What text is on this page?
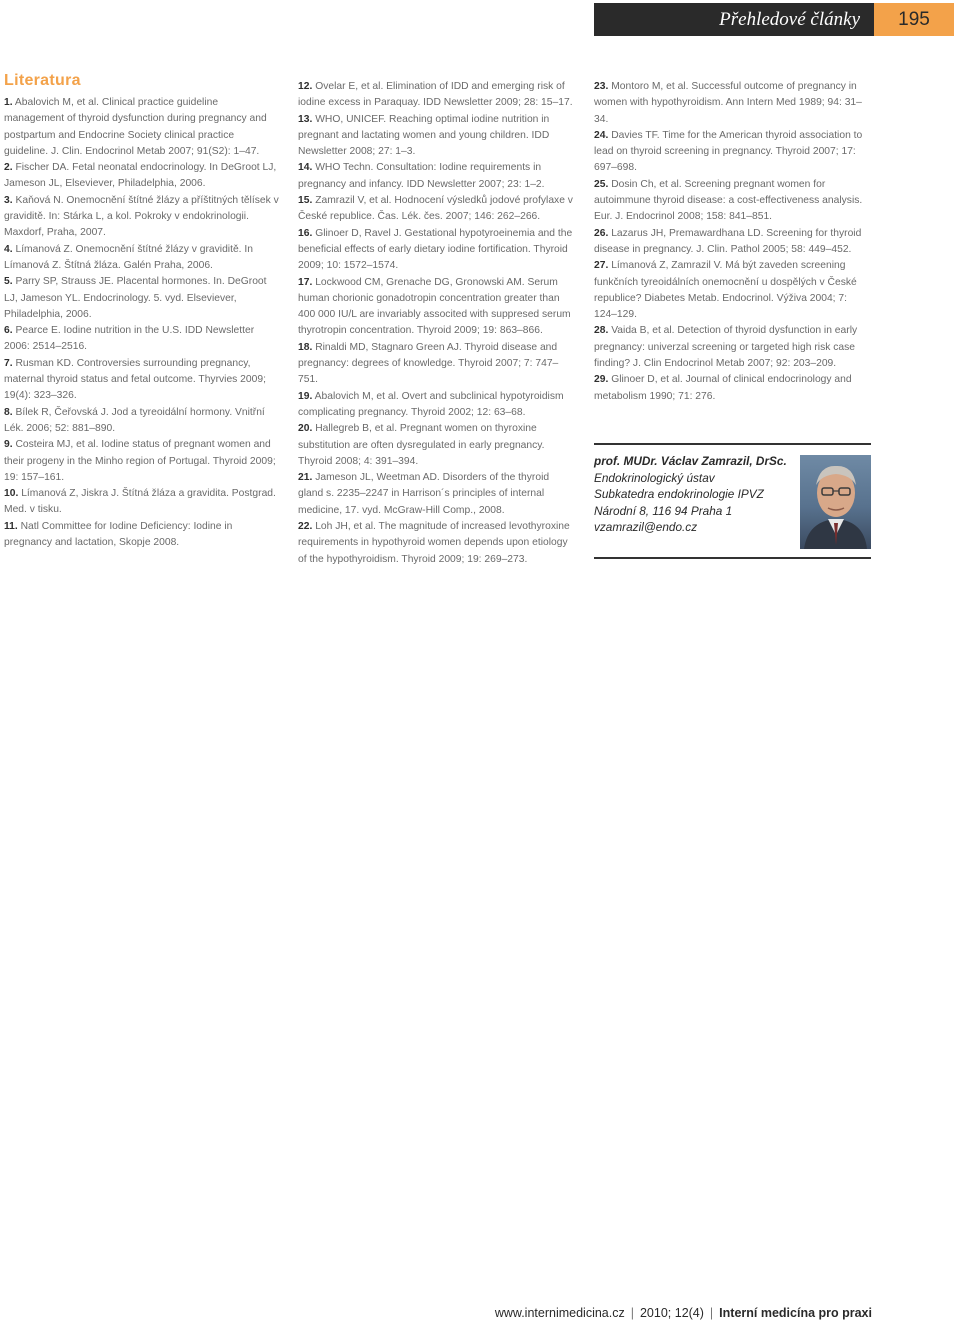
Přehledové články	195
Literatura

1. Abalovich M, et al. Clinical practice guideline management of thyroid dysfunction during pregnancy and postpartum and Endocrine Society clinical practice guideline. J. Clin. Endocrinol Metab 2007; 91(S2): 1–47.

2. Fischer DA. Fetal neonatal endocrinology. In DeGroot LJ, Jameson JL, Elseviever, Philadelphia, 2006.

3. Kaňová N. Onemocnění štítné žlázy a příštitných tělísek v graviditě. In: Stárka L, a kol. Pokroky v endokrinologii. Maxdorf, Praha, 2007.

4. Límanová Z. Onemocnění štítné žlázy v graviditě. In Límanová Z. Štítná žláza. Galén Praha, 2006.

5. Parry SP, Strauss JE. Placental hormones. In. DeGroot LJ, Jameson YL. Endocrinology. 5. vyd. Elseviever, Philadelphia, 2006.

6. Pearce E. Iodine nutrition in the U.S. IDD Newsletter 2006: 2514–2516.

7. Rusman KD. Controversies surrounding pregnancy, maternal thyroid status and fetal outcome. Thyrvies 2009; 19(4): 323–326.

8. Bílek R, Čeřovská J. Jod a tyreoidální hormony. Vnitřní Lék. 2006; 52: 881–890.

9. Costeira MJ, et al. Iodine status of pregnant women and their progeny in the Minho region of Portugal. Thyroid 2009; 19: 157–161.

10. Límanová Z, Jiskra J. Štítná žláza a gravidita. Postgrad. Med. v tisku.

11. Natl Committee for Iodine Deficiency: Iodine in pregnancy and lactation, Skopje 2008.

12. Ovelar E, et al. Elimination of IDD and emerging risk of iodine excess in Paraquay. IDD Newsletter 2009; 28: 15–17.

13. WHO, UNICEF. Reaching optimal iodine nutrition in pregnant and lactating women and young children. IDD Newsletter 2008; 27: 1–3.

14. WHO Techn. Consultation: Iodine requirements in pregnancy and infancy. IDD Newsletter 2007; 23: 1–2.

15. Zamrazil V, et al. Hodnocení výsledků jodové profylaxe v České republice. Čas. Lék. čes. 2007; 146: 262–266.

16. Glinoer D, Ravel J. Gestational hypotyroeinemia and the beneficial effects of early dietary iodine fortification. Thyroid 2009; 10: 1572–1574.

17. Lockwood CM, Grenache DG, Gronowski AM. Serum human chorionic gonadotropin concentration greater than 400 000 IU/L are invariably associted with suppresed serum thyrotropin concentration. Thyroid 2009; 19: 863–866.

18. Rinaldi MD, Stagnaro Green AJ. Thyroid disease and pregnancy: degrees of knowledge. Thyroid 2007; 7: 747–751.

19. Abalovich M, et al. Overt and subclinical hypotyroidism complicating pregnancy. Thyroid 2002; 12: 63–68.

20. Hallegreb B, et al. Pregnant women on thyroxine substitution are often dysregulated in early pregnancy. Thyroid 2008; 4: 391–394.

21. Jameson JL, Weetman AD. Disorders of the thyroid gland s. 2235–2247 in Harrison´s principles of internal medicine, 17. vyd. McGraw-Hill Comp., 2008.

22. Loh JH, et al. The magnitude of increased levothyroxine requirements in hypothyroid women depends upon etiology of the hypothyroidism. Thyroid 2009; 19: 269–273.

23. Montoro M, et al. Successful outcome of pregnancy in women with hypothyroidism. Ann Intern Med 1989; 94: 31–34.

24. Davies TF. Time for the American thyroid association to lead on thyroid screening in pregnancy. Thyroid 2007; 17: 697–698.

25. Dosin Ch, et al. Screening pregnant women for autoimmune thyroid disease: a cost-effectiveness analysis. Eur. J. Endocrinol 2008; 158: 841–851.

26. Lazarus JH, Premawardhana LD. Screening for thyroid disease in pregnancy. J. Clin. Pathol 2005; 58: 449–452.

27. Límanová Z, Zamrazil V. Má být zaveden screening funkčních tyreoidálních onemocnění u dospělých v České republice? Diabetes Metab. Endocrinol. Výživa 2004; 7: 124–129.

28. Vaida B, et al. Detection of thyroid dysfunction in early pregnancy: univerzal screening or targeted high risk case finding? J. Clin Endocrinol Metab 2007; 92: 203–209.

29. Glinoer D, et al. Journal of clinical endocrinology and metabolism 1990; 71: 276.

prof. MUDr. Václav Zamrazil, DrSc.
Endokrinologický ústav
Subkatedra endokrinologie IPVZ
Národní 8, 116 94 Praha 1
vzamrazil@endo.cz
www.internimedicina.cz | 2010; 12(4) | Interní medicína pro praxi
